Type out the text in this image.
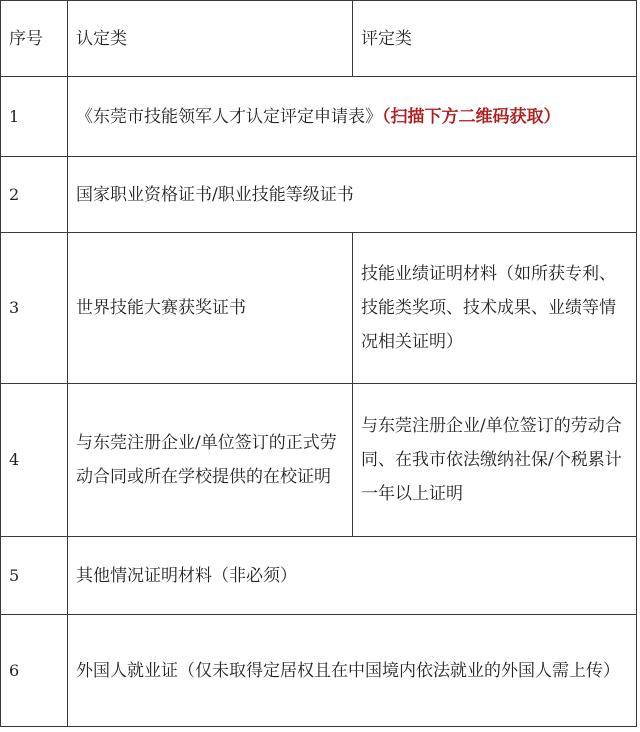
序号	认定类	评定类
1	《东莞市技能领军人才认定评定申请表》（扫描下方二维码获取）	
2	国家职业资格证书/职业技能等级证书	
3	世界技能大赛获奖证书	技能业绩证明材料（如所获专利、技能类奖项、技术成果、业绩等情况相关证明）
4	与东莞注册企业/单位签订的正式劳动合同或所在学校提供的在校证明	与东莞注册企业/单位签订的劳动合同、在我市依法缴纳社保/个税累计一年以上证明
5	其他情况证明材料（非必须）	
6	外国人就业证（仅未取得定居权且在中国境内依法就业的外国人需上传）	
